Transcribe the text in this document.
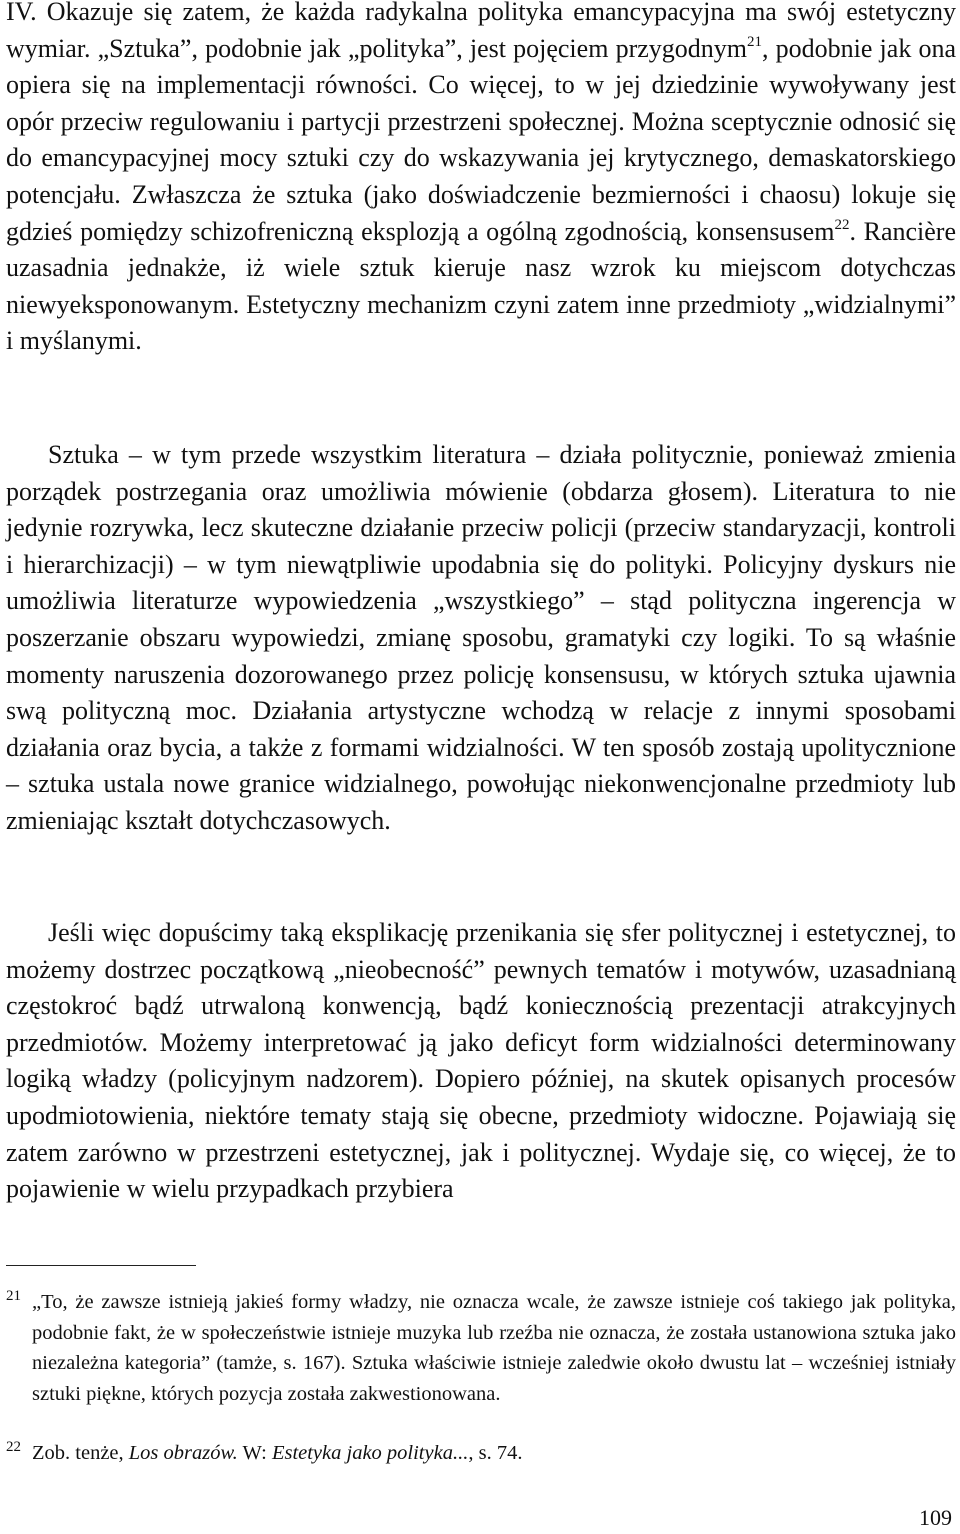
IV. Okazuje się zatem, że każda radykalna polityka emancypacyjna ma swój estetyczny wymiar. „Sztuka”, podobnie jak „polityka”, jest pojęciem przygodnym$^{21}$, podobnie jak ona opiera się na implementacji równości. Co więcej, to w jej dziedzinie wywoływany jest opór przeciw regulowaniu i partycji przestrzeni społecznej. Można sceptycznie odnosić się do emancypacyjnej mocy sztuki czy do wskazywania jej krytycznego, demaskatorskiego potencjału. Zwłaszcza że sztuka (jako doświadczenie bezmierności i chaosu) lokuje się gdzieś pomiędzy schizofreniczną eksplozją a ogólną zgodnością, konsensusem$^{22}$. Rancière uzasadnia jednakże, iż wiele sztuk kieruje nasz wzrok ku miejscom dotychczas niewyeksponowanym. Estetyczny mechanizm czyni zatem inne przedmioty „widzialnymi” i myślanymi.

Sztuka – w tym przede wszystkim literatura – działa politycznie, ponieważ zmienia porządek postrzegania oraz umożliwia mówienie (obdarza głosem). Literatura to nie jedynie rozrywka, lecz skuteczne działanie przeciw policji (przeciw standaryzacji, kontroli i hierarchizacji) – w tym niewątpliwie upodabnia się do polityki. Policyjny dyskurs nie umożliwia literaturze wypowiedzenia „wszystkiego” – stąd polityczna ingerencja w poszerzanie obszaru wypowiedzi, zmianę sposobu, gramatyki czy logiki. To są właśnie momenty naruszenia dozorowanego przez policję konsensusu, w których sztuka ujawnia swą polityczną moc. Działania artystyczne wchodzą w relacje z innymi sposobami działania oraz bycia, a także z formami widzialności. W ten sposób zostają upolitycznione – sztuka ustala nowe granice widzialnego, powołując niekonwencjonalne przedmioty lub zmieniając kształt dotychczasowych.

Jeśli więc dopuścimy taką eksplikację przenikania się sfer politycznej i estetycznej, to możemy dostrzec początkową „nieobecność” pewnych tematów i motywów, uzasadnianą częstokroć bądź utrwaloną konwencją, bądź koniecznością prezentacji atrakcyjnych przedmiotów. Możemy interpretować ją jako deficyt form widzialności determinowany logiką władzy (policyjnym nadzorem). Dopiero później, na skutek opisanych procesów upodmiotowienia, niektóre tematy stają się obecne, przedmioty widoczne. Pojawiają się zatem zarówno w przestrzeni estetycznej, jak i politycznej. Wydaje się, co więcej, że to pojawienie w wielu przypadkach przybiera

21 „To, że zawsze istnieją jakieś formy władzy, nie oznacza wcale, że zawsze istnieje coś takiego jak polityka, podobnie fakt, że w społeczeństwie istnieje muzyka lub rzeźba nie oznacza, że została ustanowiona sztuka jako niezależna kategoria” (tamże, s. 167). Sztuka właściwie istnieje zaledwie około dwustu lat – wcześniej istniały sztuki piękne, których pozycja została zakwestionowana.
22 Zob. tenże, Los obrazów. W: Estetyka jako polityka..., s. 74.
109
